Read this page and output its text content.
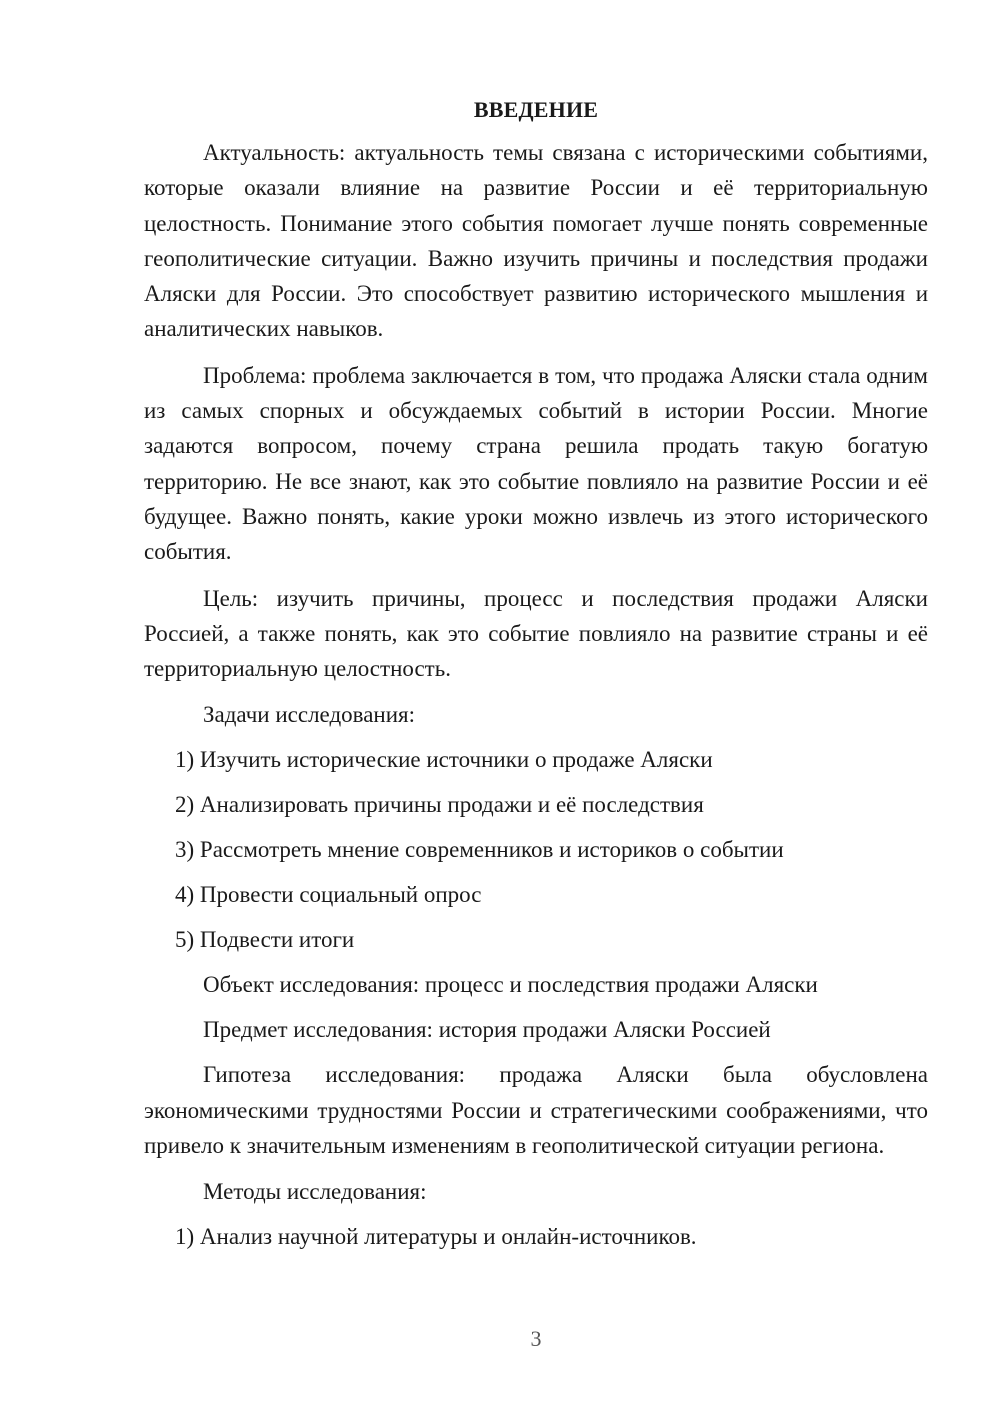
ВВЕДЕНИЕ

Актуальность: актуальность темы связана с историческими событиями, которые оказали влияние на развитие России и её территориальную целостность. Понимание этого события помогает лучше понять современные геополитические ситуации. Важно изучить причины и последствия продажи Аляски для России. Это способствует развитию исторического мышления и аналитических навыков.

Проблема: проблема заключается в том, что продажа Аляски стала одним из самых спорных и обсуждаемых событий в истории России. Многие задаются вопросом, почему страна решила продать такую богатую территорию. Не все знают, как это событие повлияло на развитие России и её будущее. Важно понять, какие уроки можно извлечь из этого исторического события.

Цель: изучить причины, процесс и последствия продажи Аляски Россией, а также понять, как это событие повлияло на развитие страны и её территориальную целостность.

Задачи исследования:
1) Изучить исторические источники о продаже Аляски
2) Анализировать причины продажи и её последствия
3) Рассмотреть мнение современников и историков о событии
4) Провести социальный опрос
5) Подвести итоги
Объект исследования: процесс и последствия продажи Аляски
Предмет исследования: история продажи Аляски Россией

Гипотеза исследования: продажа Аляски была обусловлена экономическими трудностями России и стратегическими соображениями, что привело к значительным изменениям в геополитической ситуации региона.

Методы исследования:
1) Анализ научной литературы и онлайн-источников.
3
